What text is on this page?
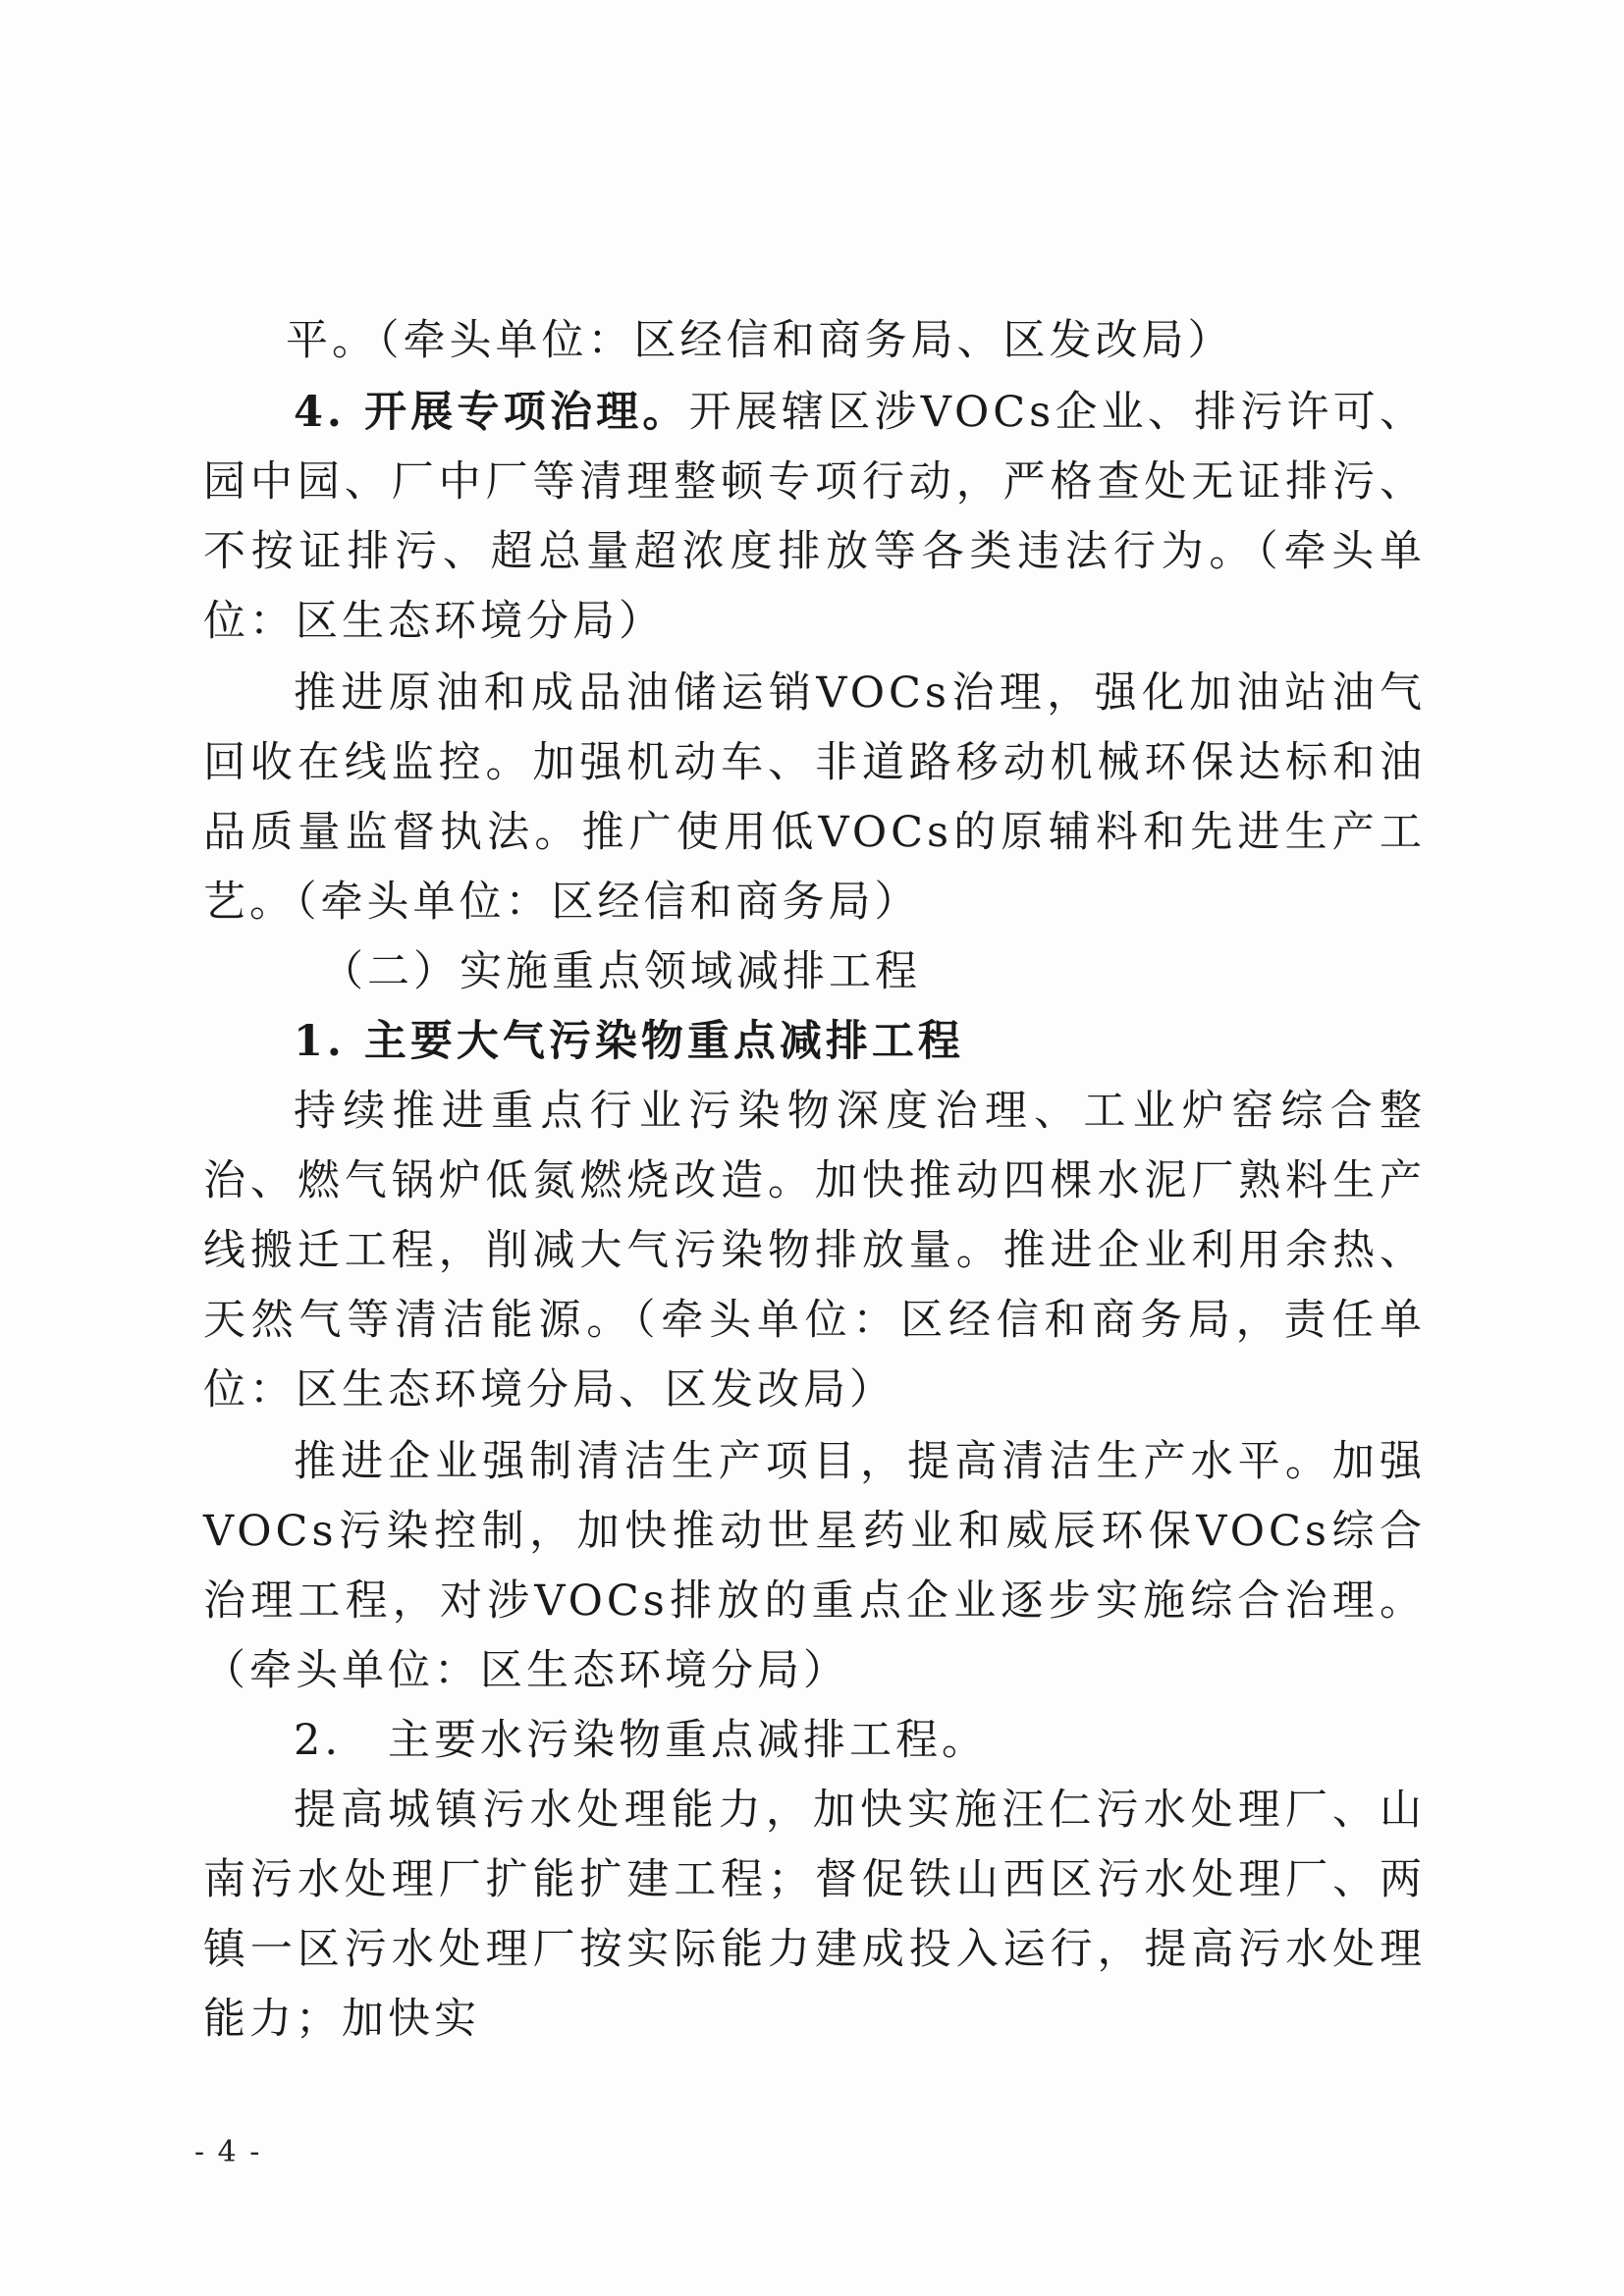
平。（牵头单位：区经信和商务局、区发改局）

4. 开展专项治理。开展辖区涉VOCs企业、排污许可、园中园、厂中厂等清理整顿专项行动，严格查处无证排污、不按证排污、超总量超浓度排放等各类违法行为。（牵头单位：区生态环境分局）

推进原油和成品油储运销VOCs治理，强化加油站油气回收在线监控。加强机动车、非道路移动机械环保达标和油品质量监督执法。推广使用低VOCs的原辅料和先进生产工艺。（牵头单位：区经信和商务局）

（二）实施重点领域减排工程

1. 主要大气污染物重点减排工程

持续推进重点行业污染物深度治理、工业炉窑综合整治、燃气锅炉低氮燃烧改造。加快推动四棵水泥厂熟料生产线搬迁工程，削减大气污染物排放量。推进企业利用余热、天然气等清洁能源。（牵头单位：区经信和商务局，责任单位：区生态环境分局、区发改局）

推进企业强制清洁生产项目，提高清洁生产水平。加强VOCs污染控制，加快推动世星药业和威辰环保VOCs综合治理工程，对涉VOCs排放的重点企业逐步实施综合治理。（牵头单位：区生态环境分局）

2.　主要水污染物重点减排工程。

提高城镇污水处理能力，加快实施汪仁污水处理厂、山南污水处理厂扩能扩建工程；督促铁山西区污水处理厂、两镇一区污水处理厂按实际能力建成投入运行，提高污水处理能力；加快实

- 4 -
